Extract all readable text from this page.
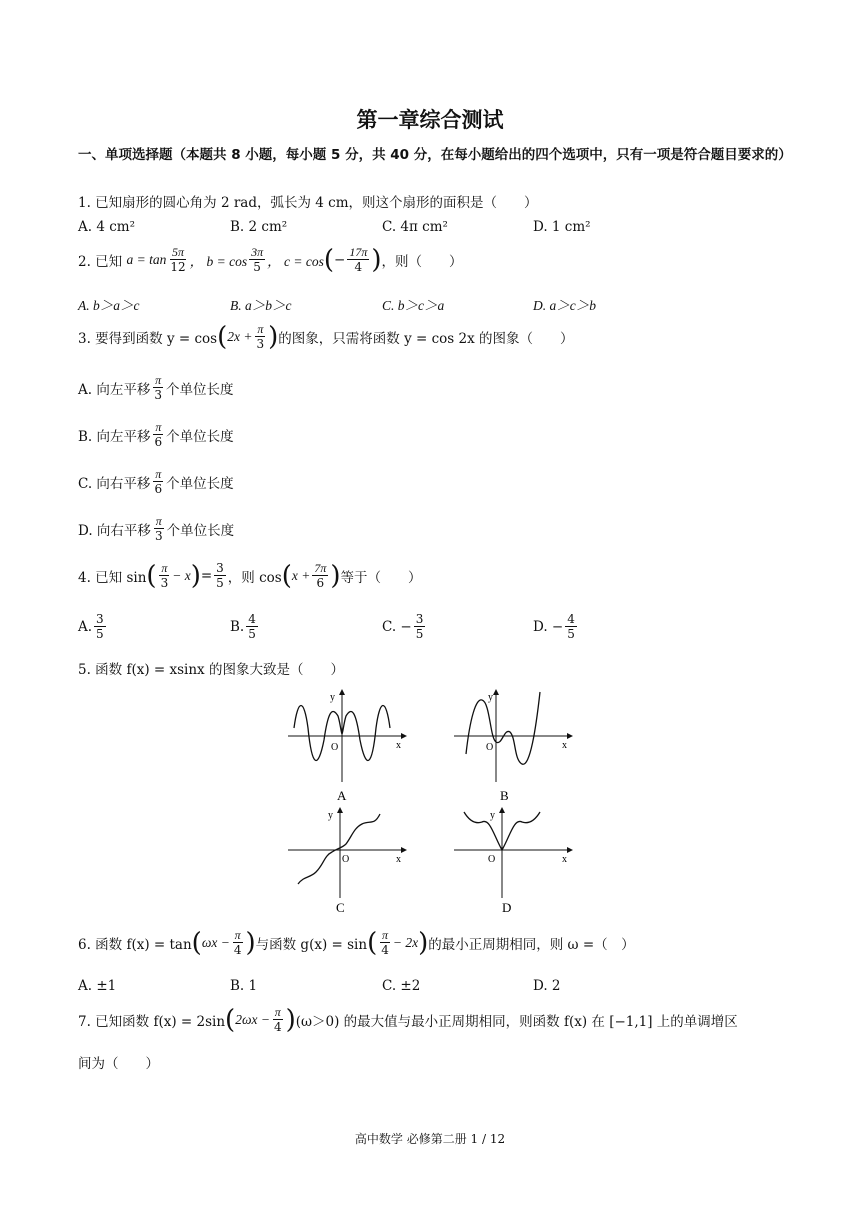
第一章综合测试
一、单项选择题（本题共 8 小题，每小题 5 分，共 40 分，在每小题给出的四个选项中，只有一项是符合题目要求的）
1. 已知扇形的圆心角为 2 rad，弧长为 4 cm，则这个扇形的面积是（　　）
A. 4 cm²	B. 2 cm²	C. 4π cm²	D. 1 cm²
2. 已知
$a = \tan \frac{5\pi}{12}$ ， $b = \cos \frac{3\pi}{5}$ ， c = cos ( − $\frac{17\pi}{4}$ ) ，则（　　）
A. b＞a＞c	B. a＞b＞c	C. b＞c＞a	D. a＞c＞b
3. 要得到函数 y = cos ( $2x + \frac{\pi}{3}$ ) 的图象，只需将函数 y = cos 2x 的图象（　　）
A. 向左平移 $\frac{\pi}{3}$ 个单位长度
B. 向左平移 $\frac{\pi}{6}$ 个单位长度
C. 向右平移 $\frac{\pi}{6}$ 个单位长度
D. 向右平移 $\frac{\pi}{3}$ 个单位长度
4. 已知 sin ( $\frac{\pi}{3} - x$ ) = $\frac{3}{5}$ ，则 cos ( $x + \frac{7\pi}{6}$ ) 等于（　　）
A. $\frac{3}{5}$	B. $\frac{4}{5}$	C. − $\frac{3}{5}$	D. − $\frac{4}{5}$
5. 函数 f(x) = xsinx 的图象大致是（　　）
y
x
O
A
y
x
O
B
y
x
O
C
y
x
O
D
6. 函数 f(x) = tan ( $\omega x - \frac{\pi}{4}$ ) 与函数 g(x) = sin ( $\frac{\pi}{4} - 2x$ ) 的最小正周期相同，则 ω =（　）
A. ±1	B. 1	C. ±2	D. 2
7. 已知函数 f(x) = 2sin ( $2\omega x - \frac{\pi}{4}$ ) (ω＞0) 的最大值与最小正周期相同，则函数 f(x) 在 [−1,1] 上的单调增区
间为（　　）
高中数学 必修第二册 1 / 12
